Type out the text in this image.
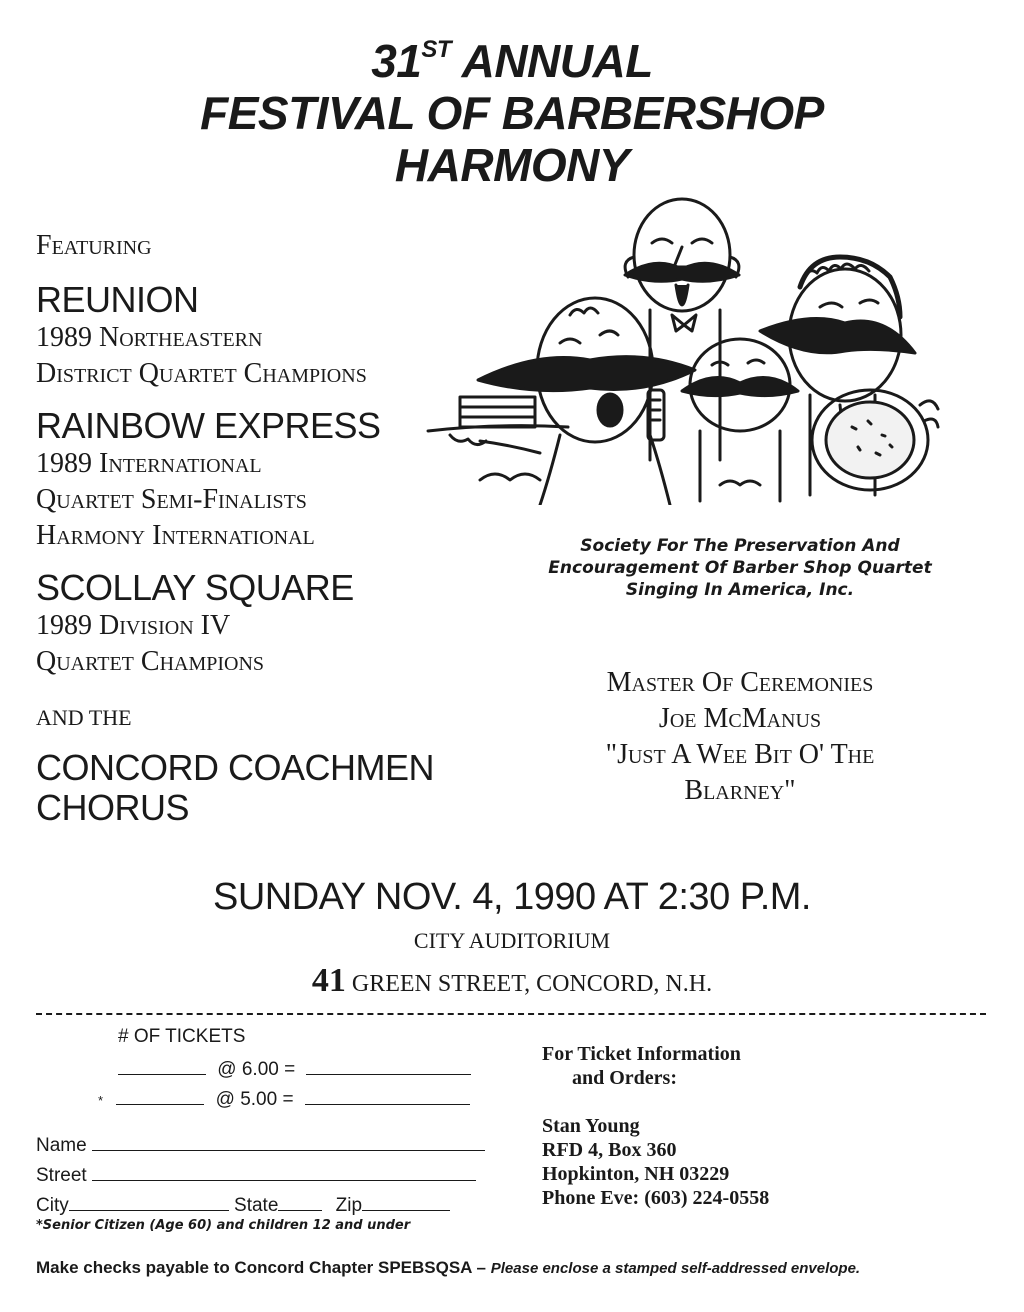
31ST ANNUAL
FESTIVAL OF BARBERSHOP
HARMONY
Featuring
REUNION
1989 Northeastern
District Quartet Champions
RAINBOW EXPRESS
1989 International
Quartet Semi-Finalists
Harmony International
SCOLLAY SQUARE
1989 Division IV
Quartet Champions
AND THE
CONCORD COACHMEN
CHORUS
Society For The Preservation And
Encouragement Of Barber Shop Quartet
Singing In America, Inc.
Master Of Ceremonies
Joe McManus
"Just A Wee Bit O' The
Blarney"
SUNDAY NOV. 4, 1990 AT 2:30 P.M.
CITY AUDITORIUM
41 GREEN STREET, CONCORD, N.H.
# OF TICKETS
@ 6.00 =
*	@ 5.00 =
Name
Street
City	State	Zip
*Senior Citizen (Age 60) and children 12 and under
For Ticket Information
and Orders:
Stan Young
RFD 4, Box 360
Hopkinton, NH 03229
Phone Eve: (603) 224-0558
Make checks payable to Concord Chapter SPEBSQSA – Please enclose a stamped self-addressed envelope.
